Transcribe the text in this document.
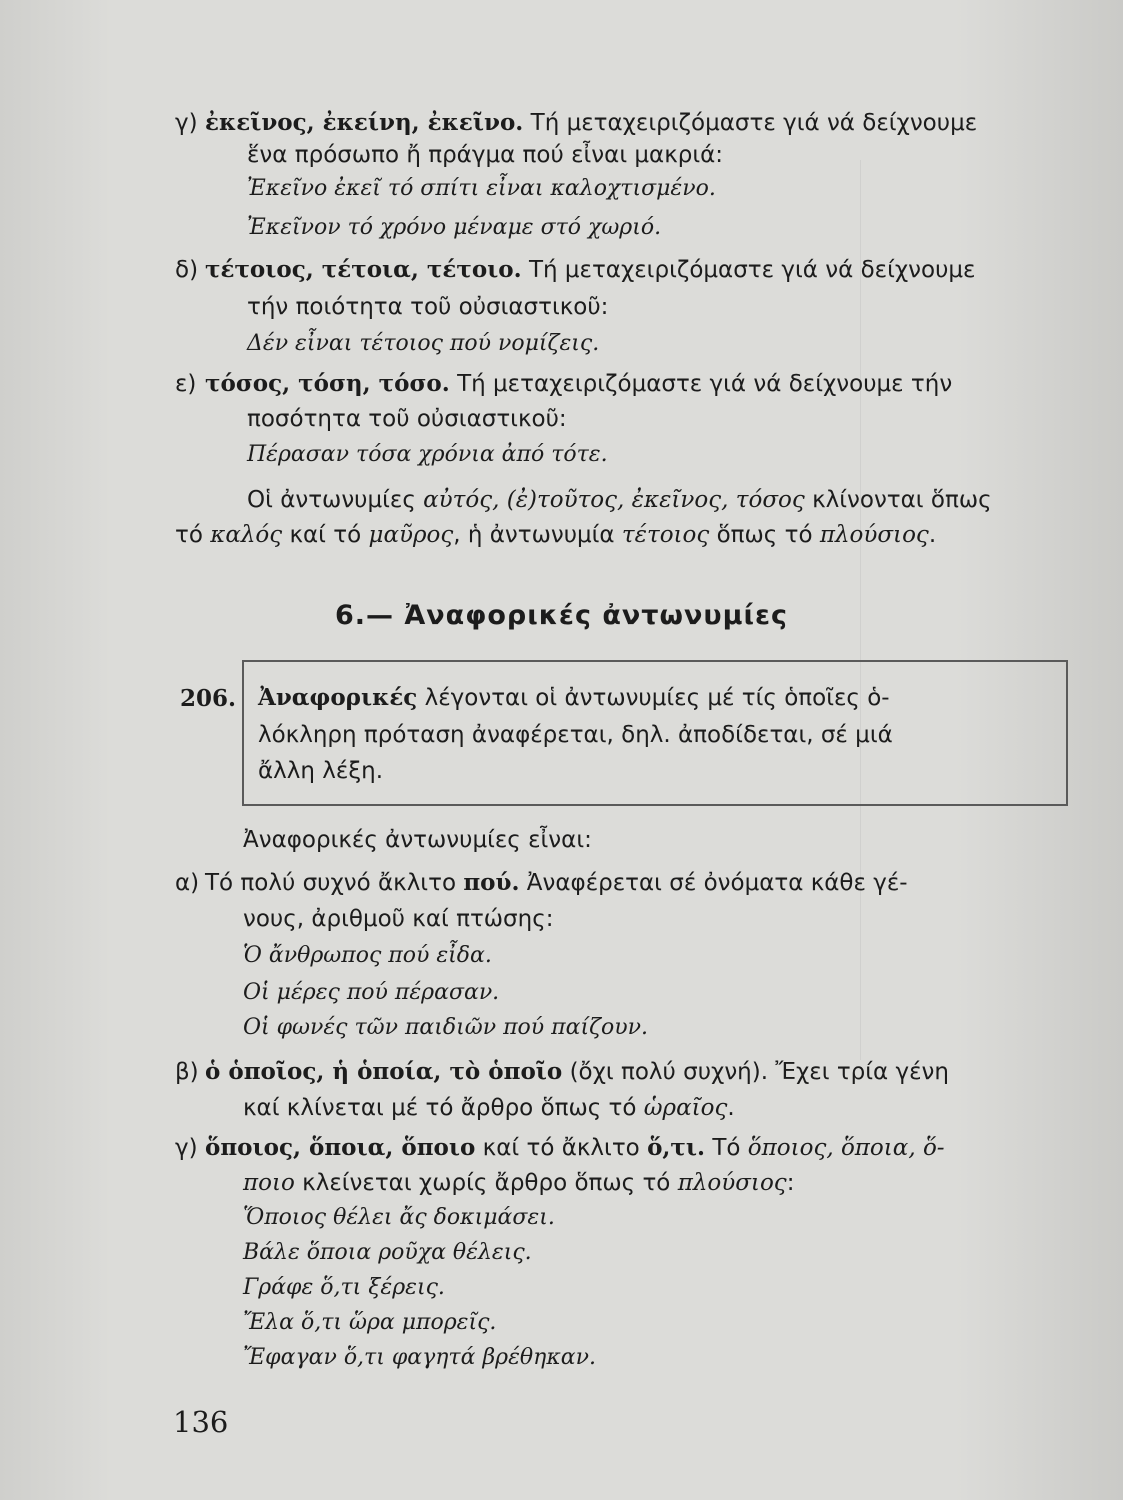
γ) ἐκεῖνος, ἐκείνη, ἐκεῖνο. Τή μεταχειριζόμαστε γιά νά δείχνουμε
ἕνα πρόσωπο ἤ πράγμα πού εἶναι μακριά:
Ἐκεῖνο ἐκεῖ τό σπίτι εἶναι καλοχτισμένο.
Ἐκεῖνον τό χρόνο μέναμε στό χωριό.
δ) τέτοιος, τέτοια, τέτοιο. Τή μεταχειριζόμαστε γιά νά δείχνουμε
τήν ποιότητα τοῦ οὐσιαστικοῦ:
Δέν εἶναι τέτοιος πού νομίζεις.
ε) τόσος, τόση, τόσο. Τή μεταχειριζόμαστε γιά νά δείχνουμε τήν
ποσότητα τοῦ οὐσιαστικοῦ:
Πέρασαν τόσα χρόνια ἀπό τότε.
Οἱ ἀντωνυμίες αὐτός, (ἐ)τοῦτος, ἐκεῖνος, τόσος κλίνονται ὅπως
τό καλός καί τό μαῦρος, ἡ ἀντωνυμία τέτοιος ὅπως τό πλούσιος.
6.— Ἀναφορικές ἀντωνυμίες
206. Ἀναφορικές λέγονται οἱ ἀντωνυμίες μέ τίς ὁποῖες ὁ-
λόκληρη πρόταση ἀναφέρεται, δηλ. ἀποδίδεται, σέ μιά
ἄλλη λέξη.
Ἀναφορικές ἀντωνυμίες εἶναι:
α) Τό πολύ συχνό ἄκλιτο πού. Ἀναφέρεται σέ ὀνόματα κάθε γέ-
νους, ἀριθμοῦ καί πτώσης:
Ὁ ἄνθρωπος πού εἶδα.
Οἱ μέρες πού πέρασαν.
Οἱ φωνές τῶν παιδιῶν πού παίζουν.
β) ὁ ὁποῖος, ἡ ὁποία, τὸ ὁποῖο (ὄχι πολύ συχνή). Ἔχει τρία γένη
καί κλίνεται μέ τό ἄρθρο ὅπως τό ὡραῖος.
γ) ὅποιος, ὅποια, ὅποιο καί τό ἄκλιτο ὅ,τι. Τό ὅποιος, ὅποια, ὅ-
ποιο κλείνεται χωρίς ἄρθρο ὅπως τό πλούσιος:
Ὅποιος θέλει ἄς δοκιμάσει.
Βάλε ὅποια ροῦχα θέλεις.
Γράφε ὅ,τι ξέρεις.
Ἔλα ὅ,τι ὥρα μπορεῖς.
Ἔφαγαν ὅ,τι φαγητά βρέθηκαν.
136
